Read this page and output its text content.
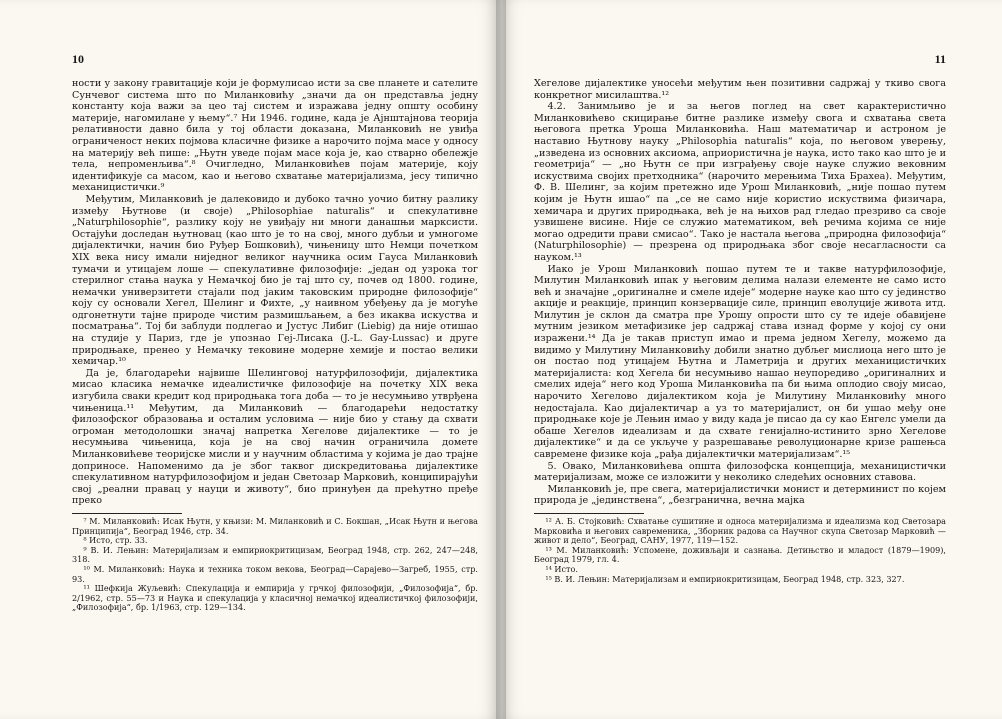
10

ности у закону гравитације који је формулисао исти за све планете и сателите Сунчевог система што по Миланковићу „значи да он представља једну константу која важи за цео тај систем и изражава једну општу особину материје, нагомилане у њему“.⁷ Ни 1946. године, када је Ајнштајнова теорија релативности давно била у тој области доказана, Миланковић не увиђа ограниченост неких појмова класичне физике а нарочито појма масе у односу на материју већ пише: „Њутн уведе појам масе која је, као стварно обележје тела, непроменљива“.⁸ Очигледно, Миланковићев појам материје, коју идентификује са масом, као и његово схватање материјализма, јесу типично механицистички.⁹

Међутим, Миланковић је далековидо и дубоко тачно уочио битну разлику између Њутнове (и своје) „Philosophiae naturalis“ и спекулативне „Naturphilosophie“, разлику коју не увиђају ни многи данашњи марксисти. Остајући доследан њутновац (као што је то на свој, много дубљи и умногоме дијалектички, начин био Руђер Бошковић), чињеницу што Немци почетком XIX века нису имали ниједног великог научника осим Гауса Миланковић тумачи и утицајем лоше — спекулативне филозофије: „један од узрока тог стерилног стања наука у Немачкој био је тај што су, почев од 1800. године, немачки универзитети стајали под јаким таковским природне филозофије“ коју су основали Хегел, Шелинг и Фихте, „у наивном убеђењу да је могуће одгонетнути тајне природе чистим размишљањем, а без икаква искуства и посматрања“. Тој би заблуди подлегао и Јустус Либиг (Liebig) да није отишао на студије у Париз, где је упознао Геј-Лисака (J.-L. Gay-Lussac) и друге природњаке, пренео у Немачку тековине модерне хемије и постао велики хемичар.¹⁰

Да је, благодарећи највише Шелинговој натурфилозофији, дијалектика мисао класика немачке идеалистичке филозофије на почетку XIX века изгубила сваки кредит код природњака тога доба — то је несумњиво утврђена чињеница.¹¹ Међутим, да Миланковић — благодарећи недостатку филозофског образовања и осталим условима — није био у стању да схвати огроман методолошки значај напретка Хегелове дијалектике — то је несумњива чињеница, која је на свој начин ограничила домете Миланковићеве теоријске мисли и у научним областима у којима је дао трајне доприносе. Напоменимо да је због таквог дискредитовања дијалектике спекулативном натурфилозофијом и један Светозар Марковић, конципирајући свој „реални правац у науци и животу“, био принуђен да прећутно пређе преко

⁷ М. Миланковић: Исак Њутн, у књизи: М. Миланковић и С. Бокшан, „Исак Њутн и његова Принципија“, Београд 1946, стр. 34.

⁸ Исто, стр. 33.

⁹ В. И. Лењин: Материјализам и емпириокритицизам, Београд 1948, стр. 262, 247—248, 318.

¹⁰ М. Миланковић: Наука и техника током векова, Београд—Сарајево—Загреб, 1955, стр. 93.

¹¹ Шефкија Жуљевић: Спекулација и емпирија у грчкој филозофији, „Филозофија“, бр. 2/1962, стр. 55—73 и Наука и спекулација у класичној немачкој идеалистичкој филозофији, „Филозофија“, бр. 1/1963, стр. 129—134.

11

Хегелове дијалектике уносећи међутим њен позитивни садржај у ткиво свога конкретног мисилаштва.¹²

4.2. Занимљиво је и за његов поглед на свет карактеристично Миланковићево скицирање битне разлике између свога и схватања света његовога претка Уроша Миланковића. Наш математичар и астроном је наставио Њутнову науку „Philosophia naturalis“ која, по његовом уверењу, „изведена из основних аксиома, априористична је наука, исто тако као што је и геометрија“ — „но Њутн се при изграђењу своје науке служио вековним искуствима својих претходника“ (нарочито мерењима Тиха Брахеа). Међутим, Ф. В. Шелинг, за којим претежно иде Урош Миланковић, „није пошао путем којим је Њутн ишао“ па „се не само није користио искуствима физичара, хемичара и других природњака, већ је на њихов рад гледао презриво са своје узвишене висине. Није се служио математиком, већ речима којима се није могао одредити прави смисао“. Тако је настала његова „природна филозофија“ (Naturphilosophie) — презрена од природњака због своје несагласности са науком.¹³

Иако је Урош Миланковић пошао путем те и такве натурфилозофије, Милутин Миланковић ипак у његовим делима налази елементе не само исто већ и значајне „оригиналне и смеле идеје“ модерне науке као што су јединство акције и реакције, принцип конзервације силе, принцип еволуције живота итд. Милутин је склон да сматра пре Урошу опрости што су те идеје обавијене мутним језиком метафизике јер садржај става изнад форме у којој су они изражени.¹⁴ Да је такав приступ имао и према једном Хегелу, можемо да видимо у Милутину Миланковићу добили знатно дубљег мислиоца него што је он постао под утицајем Њутна и Ламетрија и других механицистичких материјалиста: код Хегела би несумњиво нашао неупоредиво „оригиналних и смелих идеја“ него код Уроша Миланковића па би њима оплодио своју мисао, нарочито Хегелово дијалектиком која је Милутину Миланковићу много недостајала. Као дијалектичар а уз то материјалист, он би ушао међу оне природњаке које је Лењин имао у виду када је писао да су као Енгелс умели да обаше Хегелов идеализам и да схвате генијално-истинито зрно Хегелове дијалектике“ и да се укључе у разрешавање револуционарне кризе рашењса савремене физике која „рађа дијалектички материјализам“.¹⁵

5. Овако, Миланковићева општа филозофска концепција, механицистички материјализам, може се изложити у неколико следећих основних ставова.

Миланковић је, пре свега, материјалистички монист и детерминист по којем природа је „јединствена“, „безгранична, вечна мајка

¹² А. Б. Стојковић: Схватање сушитине и односа материјализма и идеализма код Светозара Марковића и његових савременика, „Зборник радова са Научног скупа Светозар Марковић — живот и дело“, Београд, САНУ, 1977, 119—152.

¹³ М. Миланковић: Успомене, доживљаји и сазнања. Детињство и младост (1879—1909), Београд 1979, гл. 4.

¹⁴ Исто.

¹⁵ В. И. Лењин: Материјализам и емпириокритизицам, Београд 1948, стр. 323, 327.
